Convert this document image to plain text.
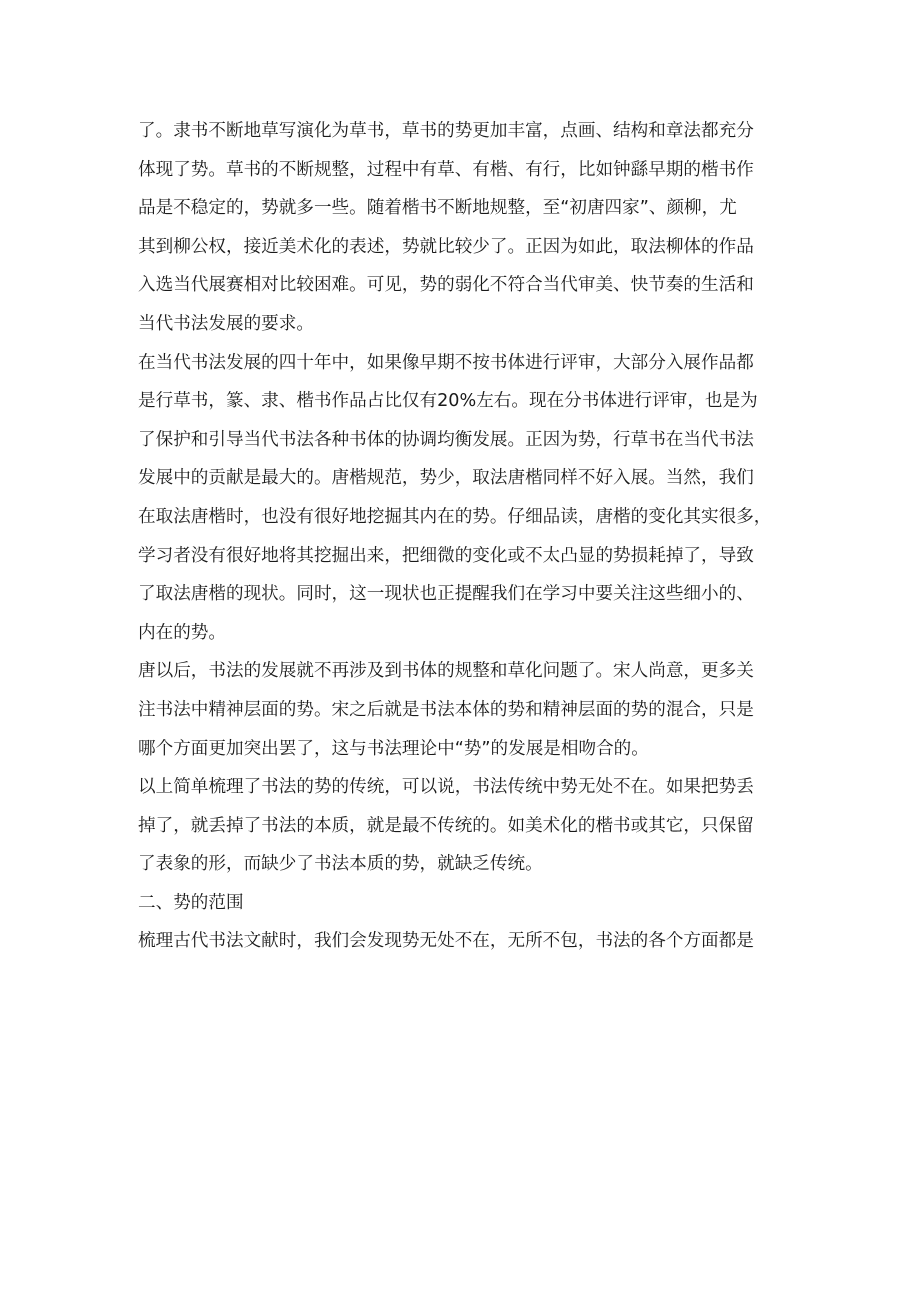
了。隶书不断地草写演化为草书，草书的势更加丰富，点画、结构和章法都充分
体现了势。草书的不断规整，过程中有草、有楷、有行，比如钟繇早期的楷书作
品是不稳定的，势就多一些。随着楷书不断地规整，至“初唐四家”、颜柳，尤
其到柳公权，接近美术化的表述，势就比较少了。正因为如此，取法柳体的作品
入选当代展赛相对比较困难。可见，势的弱化不符合当代审美、快节奏的生活和
当代书法发展的要求。
在当代书法发展的四十年中，如果像早期不按书体进行评审，大部分入展作品都
是行草书，篆、隶、楷书作品占比仅有20%左右。现在分书体进行评审，也是为
了保护和引导当代书法各种书体的协调均衡发展。正因为势，行草书在当代书法
发展中的贡献是最大的。唐楷规范，势少，取法唐楷同样不好入展。当然，我们
在取法唐楷时，也没有很好地挖掘其内在的势。仔细品读，唐楷的变化其实很多，
学习者没有很好地将其挖掘出来，把细微的变化或不太凸显的势损耗掉了，导致
了取法唐楷的现状。同时，这一现状也正提醒我们在学习中要关注这些细小的、
内在的势。
唐以后，书法的发展就不再涉及到书体的规整和草化问题了。宋人尚意，更多关
注书法中精神层面的势。宋之后就是书法本体的势和精神层面的势的混合，只是
哪个方面更加突出罢了，这与书法理论中“势”的发展是相吻合的。
以上简单梳理了书法的势的传统，可以说，书法传统中势无处不在。如果把势丢
掉了，就丢掉了书法的本质，就是最不传统的。如美术化的楷书或其它，只保留
了表象的形，而缺少了书法本质的势，就缺乏传统。
二、势的范围
梳理古代书法文献时，我们会发现势无处不在，无所不包，书法的各个方面都是
